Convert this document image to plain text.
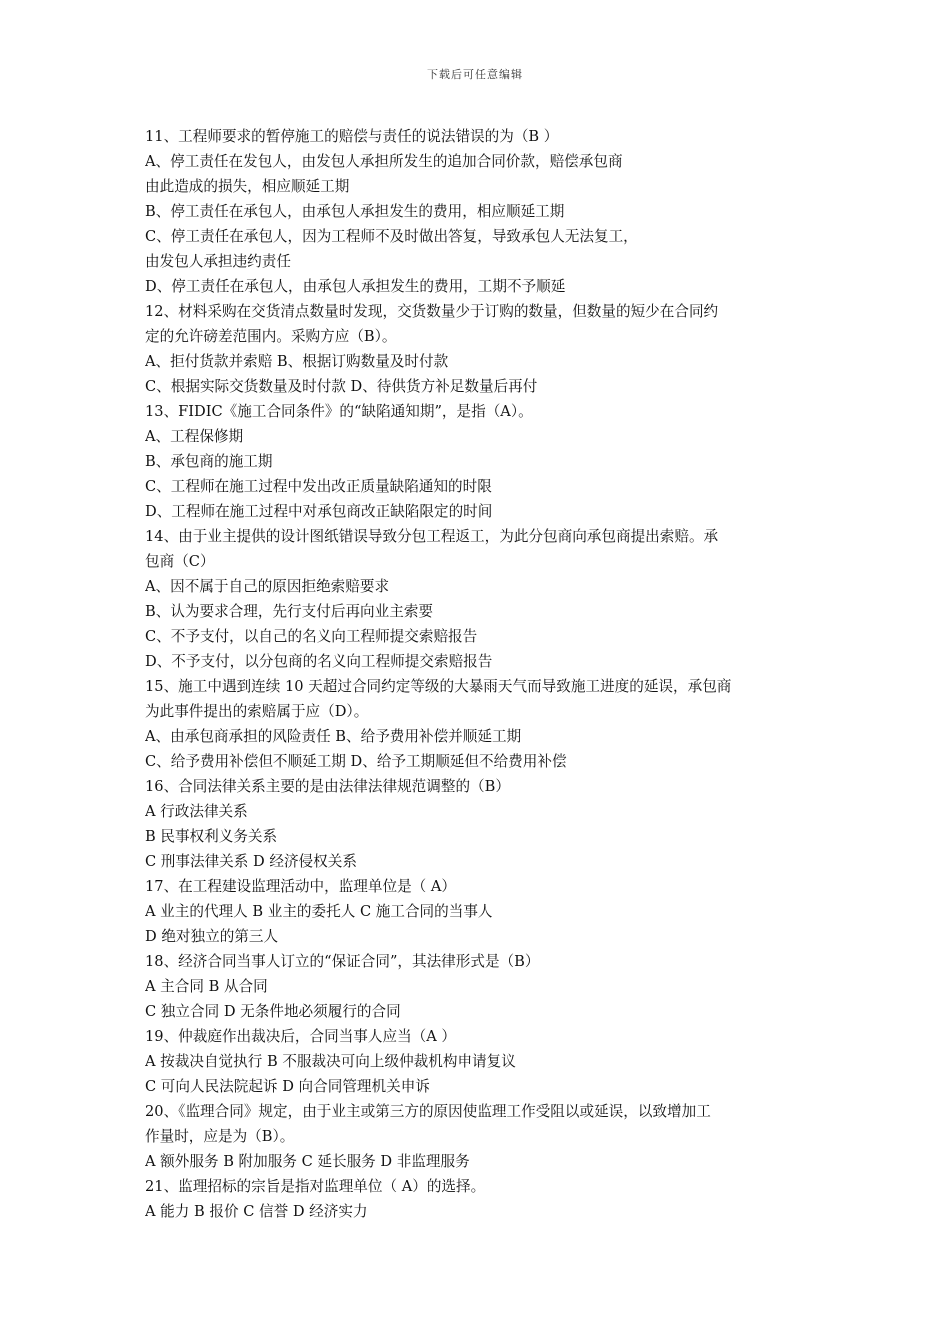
下载后可任意编辑
11、工程师要求的暂停施工的赔偿与责任的说法错误的为（B ）
A、停工责任在发包人，由发包人承担所发生的追加合同价款，赔偿承包商
由此造成的损失，相应顺延工期
B、停工责任在承包人，由承包人承担发生的费用，相应顺延工期
C、停工责任在承包人，因为工程师不及时做出答复，导致承包人无法复工，
由发包人承担违约责任
D、停工责任在承包人，由承包人承担发生的费用，工期不予顺延
12、材料采购在交货清点数量时发现，交货数量少于订购的数量，但数量的短少在合同约
定的允许磅差范围内。采购方应（B）。
A、拒付货款并索赔 B、根据订购数量及时付款
C、根据实际交货数量及时付款 D、待供货方补足数量后再付
13、FIDIC《施工合同条件》的“缺陷通知期”，是指（A）。
A、工程保修期
B、承包商的施工期
C、工程师在施工过程中发出改正质量缺陷通知的时限
D、工程师在施工过程中对承包商改正缺陷限定的时间
14、由于业主提供的设计图纸错误导致分包工程返工，为此分包商向承包商提出索赔。承
包商（C）
A、因不属于自己的原因拒绝索赔要求
B、认为要求合理，先行支付后再向业主索要
C、不予支付，以自己的名义向工程师提交索赔报告
D、不予支付，以分包商的名义向工程师提交索赔报告
15、施工中遇到连续 10 天超过合同约定等级的大暴雨天气而导致施工进度的延误，承包商
为此事件提出的索赔属于应（D）。
A、由承包商承担的风险责任 B、给予费用补偿并顺延工期
C、给予费用补偿但不顺延工期 D、给予工期顺延但不给费用补偿
16、合同法律关系主要的是由法律法律规范调整的（B）
A 行政法律关系
B 民事权利义务关系
C 刑事法律关系 D 经济侵权关系
17、在工程建设监理活动中，监理单位是（ A）
A 业主的代理人 B 业主的委托人 C 施工合同的当事人
D 绝对独立的第三人
18、经济合同当事人订立的“保证合同”，其法律形式是（B）
A 主合同 B 从合同
C 独立合同 D 无条件地必须履行的合同
19、仲裁庭作出裁决后，合同当事人应当（A ）
A 按裁决自觉执行 B 不服裁决可向上级仲裁机构申请复议
C 可向人民法院起诉 D 向合同管理机关申诉
20、《监理合同》规定，由于业主或第三方的原因使监理工作受阻以或延误，以致增加工
作量时，应是为（B）。
A 额外服务 B 附加服务 C 延长服务 D 非监理服务
21、监理招标的宗旨是指对监理单位（ A）的选择。
A 能力 B 报价 C 信誉 D 经济实力
